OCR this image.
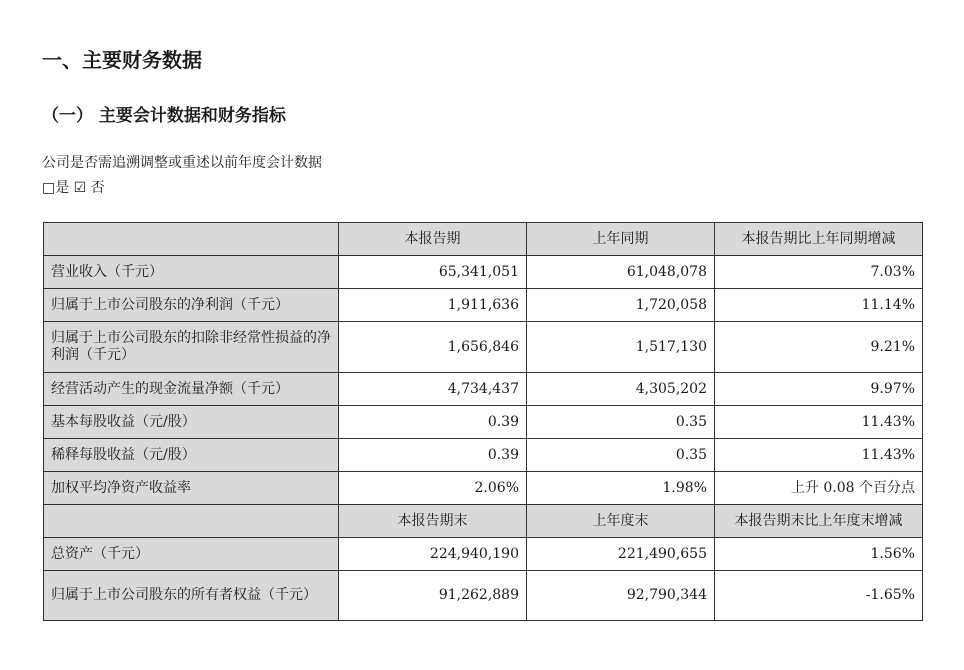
一、主要财务数据
（一） 主要会计数据和财务指标
公司是否需追溯调整或重述以前年度会计数据
□是 ☑ 否
	本报告期	上年同期	本报告期比上年同期增减
营业收入（千元）	65,341,051	61,048,078	7.03%
归属于上市公司股东的净利润（千元）	1,911,636	1,720,058	11.14%
归属于上市公司股东的扣除非经常性损益的净利润（千元）	1,656,846	1,517,130	9.21%
经营活动产生的现金流量净额（千元）	4,734,437	4,305,202	9.97%
基本每股收益（元/股）	0.39	0.35	11.43%
稀释每股收益（元/股）	0.39	0.35	11.43%
加权平均净资产收益率	2.06%	1.98%	上升 0.08 个百分点
	本报告期末	上年度末	本报告期末比上年度末增减
总资产（千元）	224,940,190	221,490,655	1.56%
归属于上市公司股东的所有者权益（千元）	91,262,889	92,790,344	-1.65%
